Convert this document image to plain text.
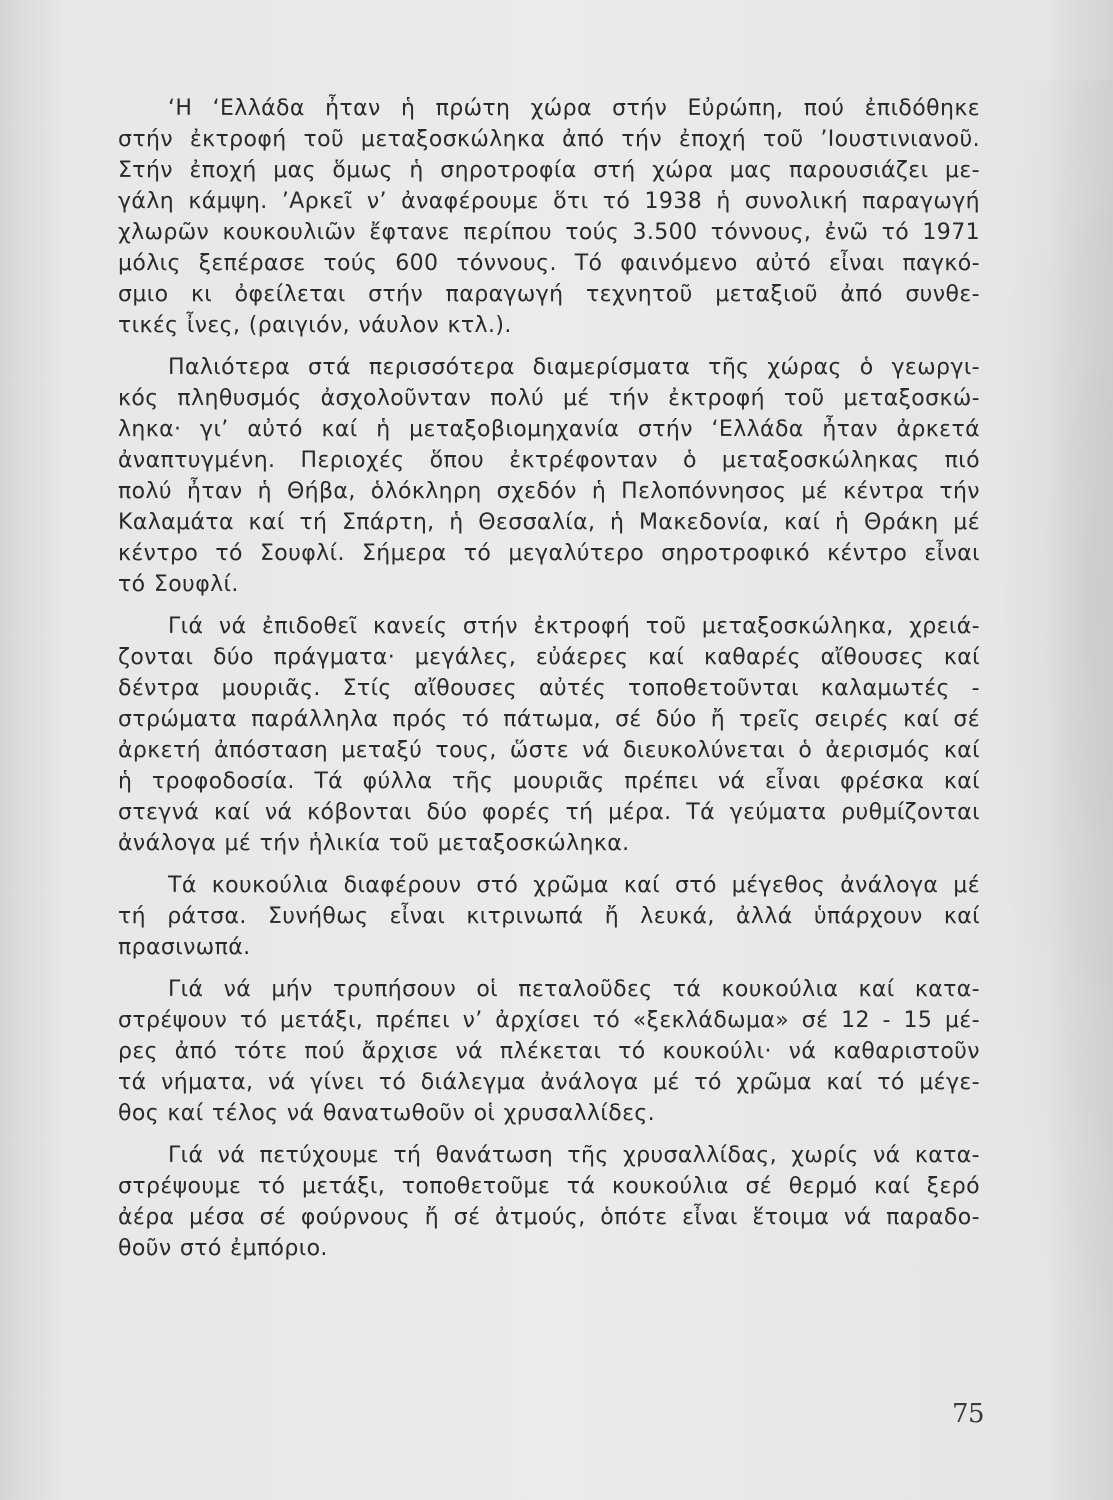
‘Η ‘Ελλάδα ἦταν ἡ πρώτη χώρα στήν Εὐρώπη, πού ἐπιδόθηκε
στήν ἐκτροφή τοῦ μεταξοσκώληκα ἀπό τήν ἐποχή τοῦ ’Ιουστινιανοῦ.
Στήν ἐποχή μας ὅμως ἡ σηροτροφία στή χώρα μας παρουσιάζει με-
γάλη κάμψη. ’Αρκεῖ ν’ ἀναφέρουμε ὅτι τό 1938 ἡ συνολική παραγωγή
χλωρῶν κουκουλιῶν ἔφτανε περίπου τούς 3.500 τόννους, ἐνῶ τό 1971
μόλις ξεπέρασε τούς 600 τόννους. Τό φαινόμενο αὐτό εἶναι παγκό-
σμιο κι ὀφείλεται στήν παραγωγή τεχνητοῦ μεταξιοῦ ἀπό συνθε-
τικές ἶνες, (ραιγιόν, νάυλον κτλ.).
Παλιότερα στά περισσότερα διαμερίσματα τῆς χώρας ὁ γεωργι-
κός πληθυσμός ἀσχολοῦνταν πολύ μέ τήν ἐκτροφή τοῦ μεταξοσκώ-
ληκα· γι’ αὐτό καί ἡ μεταξοβιομηχανία στήν ‘Ελλάδα ἦταν ἀρκετά
ἀναπτυγμένη. Περιοχές ὅπου ἐκτρέφονταν ὁ μεταξοσκώληκας πιό
πολύ ἦταν ἡ Θήβα, ὁλόκληρη σχεδόν ἡ Πελοπόννησος μέ κέντρα τήν
Καλαμάτα καί τή Σπάρτη, ἡ Θεσσαλία, ἡ Μακεδονία, καί ἡ Θράκη μέ
κέντρο τό Σουφλί. Σήμερα τό μεγαλύτερο σηροτροφικό κέντρο εἶναι
τό Σουφλί.
Γιά νά ἐπιδοθεῖ κανείς στήν ἐκτροφή τοῦ μεταξοσκώληκα, χρειά-
ζονται δύο πράγματα· μεγάλες, εὐάερες καί καθαρές αἴθουσες καί
δέντρα μουριᾶς. Στίς αἴθουσες αὐτές τοποθετοῦνται καλαμωτές -
στρώματα παράλληλα πρός τό πάτωμα, σέ δύο ἤ τρεῖς σειρές καί σέ
ἀρκετή ἀπόσταση μεταξύ τους, ὥστε νά διευκολύνεται ὁ ἀερισμός καί
ἡ τροφοδοσία. Τά φύλλα τῆς μουριᾶς πρέπει νά εἶναι φρέσκα καί
στεγνά καί νά κόβονται δύο φορές τή μέρα. Τά γεύματα ρυθμίζονται
ἀνάλογα μέ τήν ἡλικία τοῦ μεταξοσκώληκα.
Τά κουκούλια διαφέρουν στό χρῶμα καί στό μέγεθος ἀνάλογα μέ
τή ράτσα. Συνήθως εἶναι κιτρινωπά ἤ λευκά, ἀλλά ὑπάρχουν καί
πρασινωπά.
Γιά νά μήν τρυπήσουν οἱ πεταλοῦδες τά κουκούλια καί κατα-
στρέψουν τό μετάξι, πρέπει ν’ ἀρχίσει τό «ξεκλάδωμα» σέ 12 - 15 μέ-
ρες ἀπό τότε πού ἄρχισε νά πλέκεται τό κουκούλι· νά καθαριστοῦν
τά νήματα, νά γίνει τό διάλεγμα ἀνάλογα μέ τό χρῶμα καί τό μέγε-
θος καί τέλος νά θανατωθοῦν οἱ χρυσαλλίδες.
Γιά νά πετύχουμε τή θανάτωση τῆς χρυσαλλίδας, χωρίς νά κατα-
στρέψουμε τό μετάξι, τοποθετοῦμε τά κουκούλια σέ θερμό καί ξερό
ἀέρα μέσα σέ φούρνους ἤ σέ ἀτμούς, ὁπότε εἶναι ἕτοιμα νά παραδο-
θοῦν στό ἐμπόριο.
75
